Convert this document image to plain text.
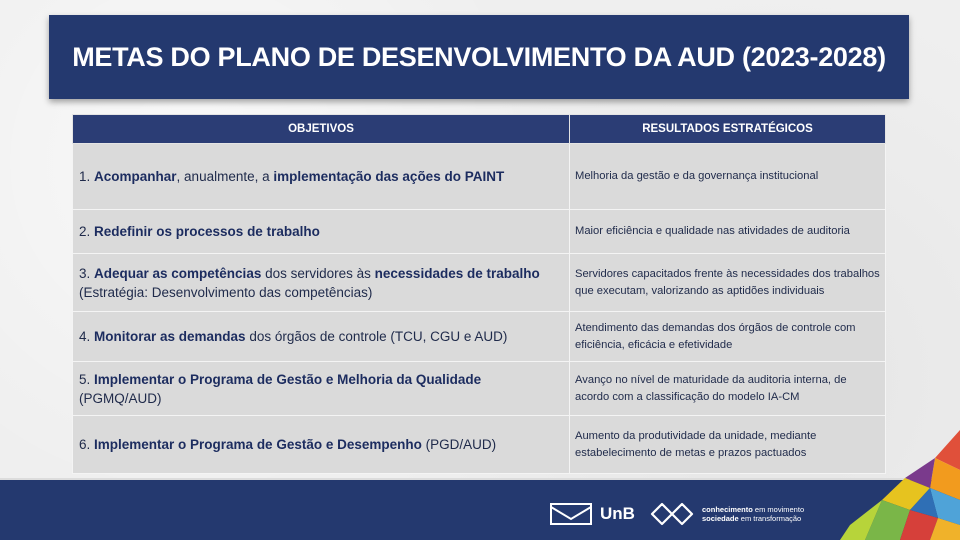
METAS DO PLANO DE DESENVOLVIMENTO DA AUD (2023-2028)
OBJETIVOS	RESULTADOS ESTRATÉGICOS
1. Acompanhar, anualmente, a implementação das ações do PAINT	Melhoria da gestão e da governança institucional
2. Redefinir os processos de trabalho	Maior eficiência e qualidade nas atividades de auditoria
3. Adequar as competências dos servidores às necessidades de trabalho (Estratégia: Desenvolvimento das competências)	Servidores capacitados frente às necessidades dos trabalhos que executam, valorizando as aptidões individuais
4. Monitorar as demandas dos órgãos de controle (TCU, CGU e AUD)	Atendimento das demandas dos órgãos de controle com eficiência, eficácia e efetividade
5. Implementar o Programa de Gestão e Melhoria da Qualidade (PGMQ/AUD)	Avanço no nível de maturidade da auditoria interna, de acordo com a classificação do modelo IA-CM
6. Implementar o Programa de Gestão e Desempenho (PGD/AUD)	Aumento da produtividade da unidade, mediante estabelecimento de metas e prazos pactuados
UnB	conhecimento em movimento
sociedade em transformação
